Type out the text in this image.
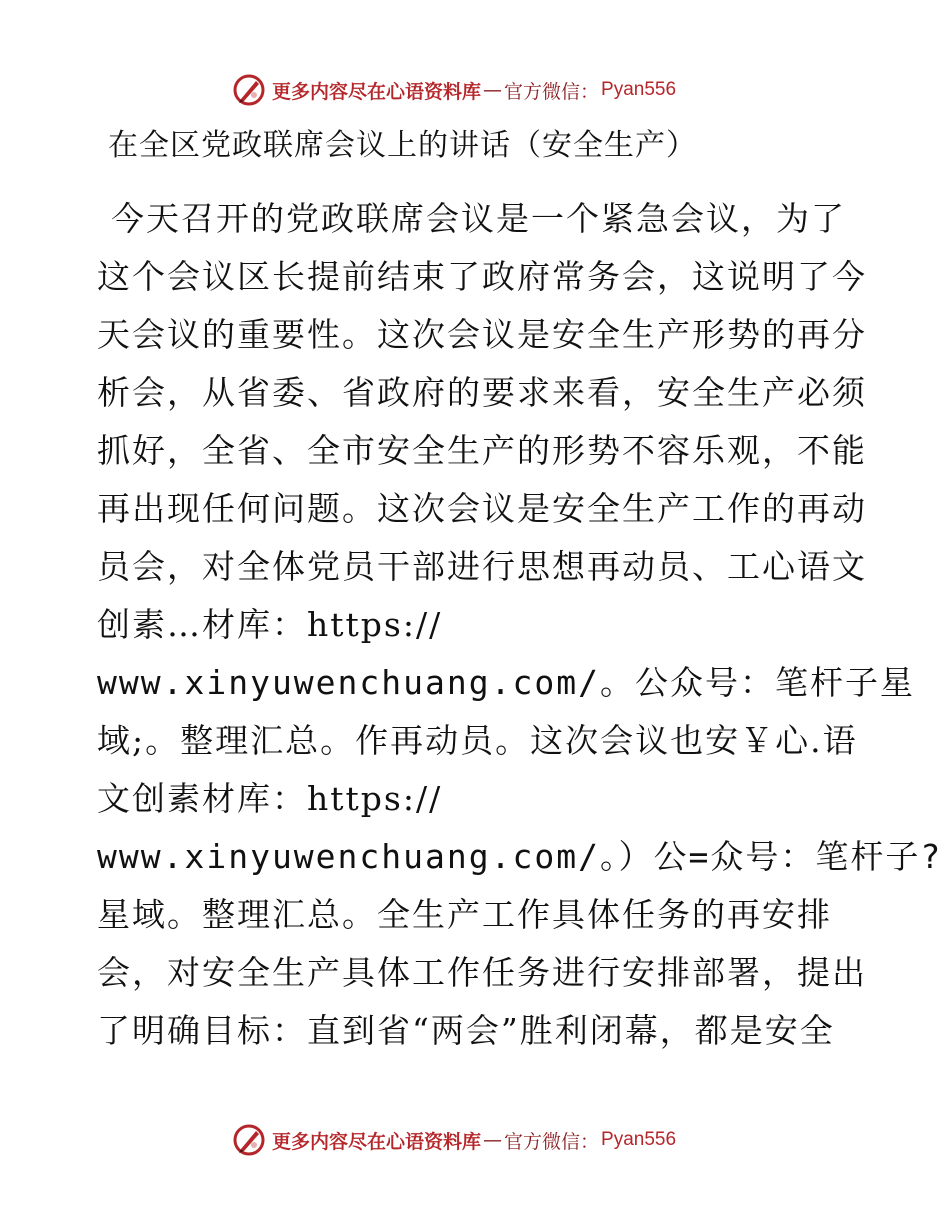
更多内容尽在心语资料库 — 官方微信： Pyan556
在全区党政联席会议上的讲话（安全生产）
今天召开的党政联席会议是一个紧急会议，为了
这个会议区长提前结束了政府常务会，这说明了今
天会议的重要性。这次会议是安全生产形势的再分
析会，从省委、省政府的要求来看，安全生产必须
抓好，全省、全市安全生产的形势不容乐观，不能
再出现任何问题。这次会议是安全生产工作的再动
员会，对全体党员干部进行思想再动员、工心语文
创素…材库：https://
www.xinyuwenchuang.com/。公众号：笔杆子星
域;。整理汇总。作再动员。这次会议也安￥心.语
文创素材库：https://
www.xinyuwenchuang.com/。）公=众号：笔杆子?
星域。整理汇总。全生产工作具体任务的再安排
会，对安全生产具体工作任务进行安排部署，提出
了明确目标：直到省“两会”胜利闭幕，都是安全
更多内容尽在心语资料库 — 官方微信： Pyan556
